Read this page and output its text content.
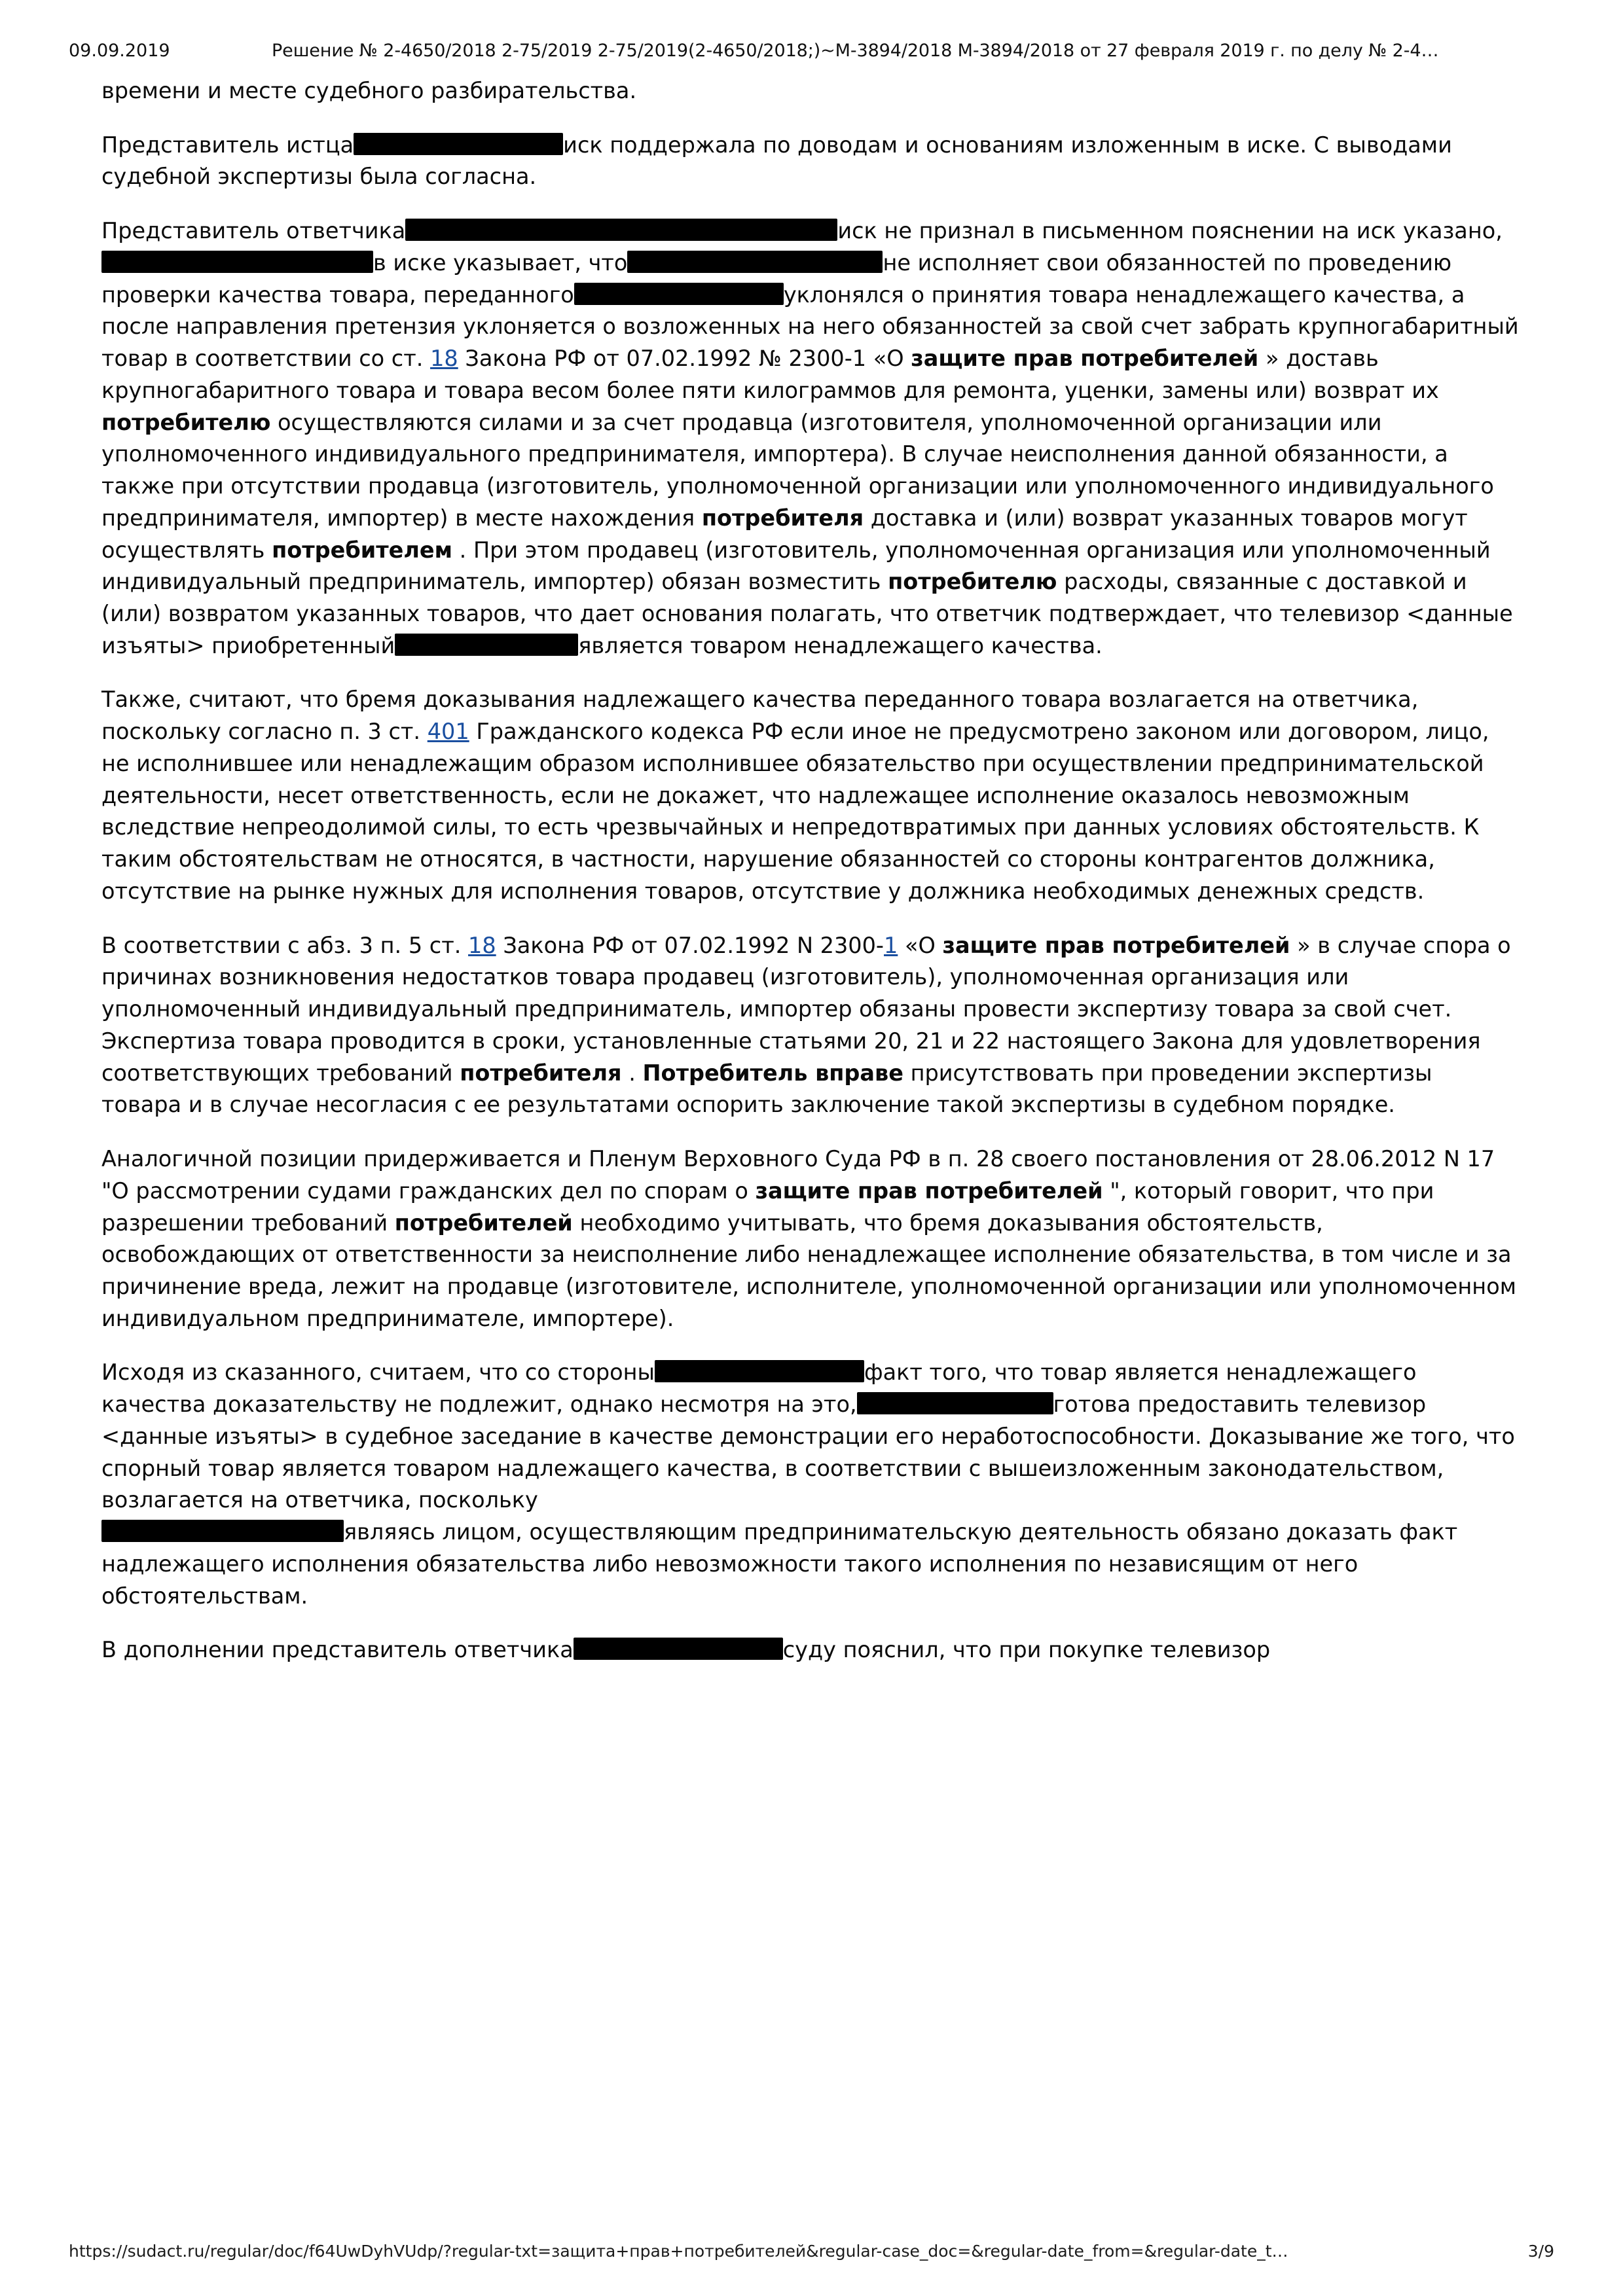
09.09.2019	Решение № 2-4650/2018 2-75/2019 2-75/2019(2-4650/2018;)~М-3894/2018 М-3894/2018 от 27 февраля 2019 г. по делу № 2-4…

времени и месте судебного разбирательства.

Представитель истца	иск поддержала по доводам и основаниям изложенным в иске. С выводами судебной экспертизы была согласна.

Представитель ответчика	иск не признал в письменном пояснении на иск указано,в иске указывает, что	не исполняет свои обязанностей по проведению проверки качества товара, переданного	уклонялся о принятия товара ненадлежащего качества, а после направления претензия уклоняется о возложенных на него обязанностей за свой счет забрать крупногабаритный товар в соответствии со ст. 18 Закона РФ от 07.02.1992 № 2300-1 «О защите прав потребителей » доставь крупногабаритного товара и товара весом более пяти килограммов для ремонта, уценки, замены или) возврат их потребителю осуществляются силами и за счет продавца (изготовителя, уполномоченной организации или уполномоченного индивидуального предпринимателя, импортера). В случае неисполнения данной обязанности, а также при отсутствии продавца (изготовитель, уполномоченной организации или уполномоченного индивидуального предпринимателя, импортер) в месте нахождения потребителя доставка и (или) возврат указанных товаров могут осуществлять потребителем . При этом продавец (изготовитель, уполномоченная организация или уполномоченный индивидуальный предприниматель, импортер) обязан возместить потребителю расходы, связанные с доставкой и (или) возвратом указанных товаров, что дает основания полагать, что ответчик подтверждает, что телевизор <данные изъяты> приобретенный	является товаром ненадлежащего качества.

Также, считают, что бремя доказывания надлежащего качества переданного товара возлагается на ответчика, поскольку согласно п. 3 ст. 401 Гражданского кодекса РФ если иное не предусмотрено законом или договором, лицо, не исполнившее или ненадлежащим образом исполнившее обязательство при осуществлении предпринимательской деятельности, несет ответственность, если не докажет, что надлежащее исполнение оказалось невозможным вследствие непреодолимой силы, то есть чрезвычайных и непредотвратимых при данных условиях обстоятельств. К таким обстоятельствам не относятся, в частности, нарушение обязанностей со стороны контрагентов должника, отсутствие на рынке нужных для исполнения товаров, отсутствие у должника необходимых денежных средств.

В соответствии с абз. 3 п. 5 ст. 18 Закона РФ от 07.02.1992 N 2300-1 «О защите прав потребителей » в случае спора о причинах возникновения недостатков товара продавец (изготовитель), уполномоченная организация или уполномоченный индивидуальный предприниматель, импортер обязаны провести экспертизу товара за свой счет. Экспертиза товара проводится в сроки, установленные статьями 20, 21 и 22 настоящего Закона для удовлетворения соответствующих требований потребителя . Потребитель вправе присутствовать при проведении экспертизы товара и в случае несогласия с ее результатами оспорить заключение такой экспертизы в судебном порядке.

Аналогичной позиции придерживается и Пленум Верховного Суда РФ в п. 28 своего постановления от 28.06.2012 N 17 "О рассмотрении судами гражданских дел по спорам о защите прав потребителей ", который говорит, что при разрешении требований потребителей необходимо учитывать, что бремя доказывания обстоятельств, освобождающих от ответственности за неисполнение либо ненадлежащее исполнение обязательства, в том числе и за причинение вреда, лежит на продавце (изготовителе, исполнителе, уполномоченной организации или уполномоченном индивидуальном предпринимателе, импортере).

Исходя из сказанного, считаем, что со стороны	факт того, что товар является ненадлежащего качества доказательству не подлежит, однако несмотря на это,	готова предоставить телевизор <данные изъяты> в судебное заседание в качестве демонстрации его неработоспособности. Доказывание же того, что спорный товар является товаром надлежащего качества, в соответствии с вышеизложенным законодательством, возлагается на ответчика, поскольку
являясь лицом, осуществляющим предпринимательскую деятельность обязано доказать факт надлежащего исполнения обязательства либо невозможности такого исполнения по независящим от него обстоятельствам.

В дополнении представитель ответчика	суду пояснил, что при покупке телевизор

https://sudact.ru/regular/doc/f64UwDyhVUdp/?regular-txt=защита+прав+потребителей&regular-case_doc=&regular-date_from=&regular-date_t…	3/9
